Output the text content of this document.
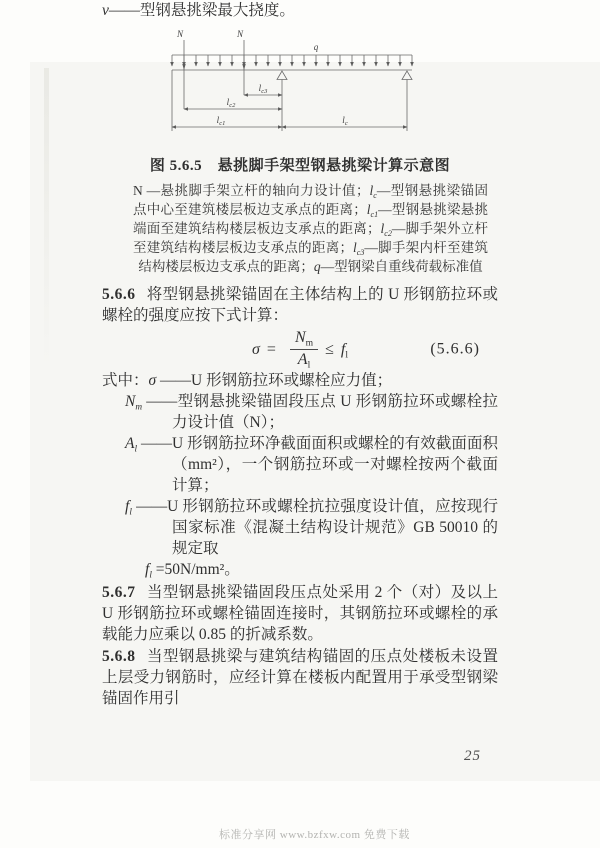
v——型钢悬挑梁最大挠度。
q
N	N
$l_{c3}$
$l_{c2}$
$l_{c1}$	$l_c$
图 5.6.5　悬挑脚手架型钢悬挑梁计算示意图
N —悬挑脚手架立杆的轴向力设计值；$l_c—$型钢悬挑梁锚固点中心至建筑楼层板边支承点的距离；$l_{c1}—$型钢悬挑梁悬挑端面至建筑结构楼层板边支承点的距离；$l_{c2}—$脚手架外立杆至建筑结构楼层板边支承点的距离；$l_{c3}—$脚手架内杆至建筑结构楼层板边支承点的距离；q—型钢梁自重线荷载标准值

5.6.6 将型钢悬挑梁锚固在主体结构上的 U 形钢筋拉环或螺栓的强度应按下式计算：

$\sigma = \frac{N_m}{A_l} \le f_l$	(5.6.6)
式中：σ ——U 形钢筋拉环或螺栓应力值；
$N_m$ ——型钢悬挑梁锚固段压点 U 形钢筋拉环或螺栓拉力设计值（N）；
$A_l$ ——U 形钢筋拉环净截面面积或螺栓的有效截面面积（mm²），一个钢筋拉环或一对螺栓按两个截面计算；
$f_l$ ——U 形钢筋拉环或螺栓抗拉强度设计值，应按现行国家标准《混凝土结构设计规范》GB 50010 的规定取
$f_l =50N/mm^2$。

5.6.7 当型钢悬挑梁锚固段压点处采用 2 个（对）及以上 U 形钢筋拉环或螺栓锚固连接时，其钢筋拉环或螺栓的承载能力应乘以 0.85 的折减系数。

5.6.8 当型钢悬挑梁与建筑结构锚固的压点处楼板未设置上层受力钢筋时，应经计算在楼板内配置用于承受型钢梁锚固作用引

25
标准分享网 www.bzfxw.com 免费下载
